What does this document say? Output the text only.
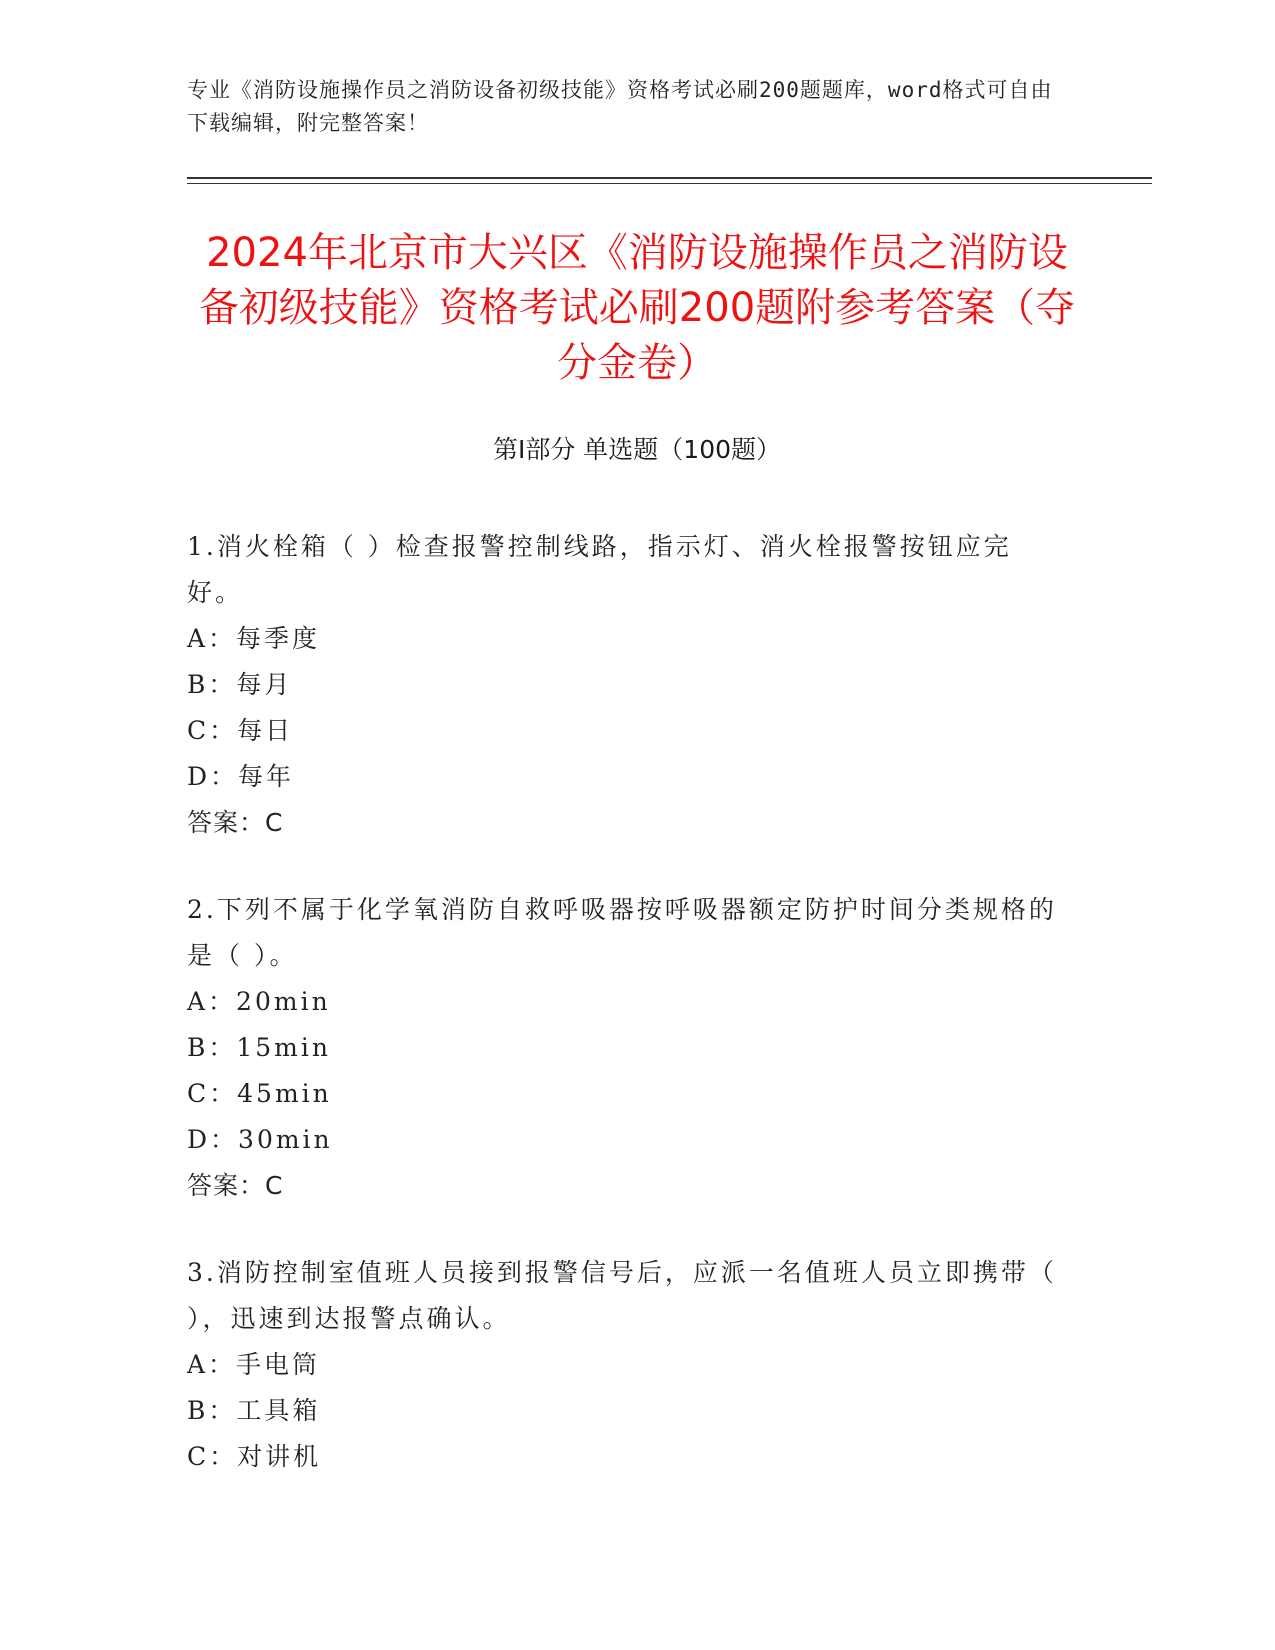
专业《消防设施操作员之消防设备初级技能》资格考试必刷200题题库，word格式可自由下载编辑，附完整答案！
2024年北京市大兴区《消防设施操作员之消防设备初级技能》资格考试必刷200题附参考答案（夺分金卷）
第Ⅰ部分 单选题（100题）
1.消火栓箱（ ）检查报警控制线路，指示灯、消火栓报警按钮应完好。
A：每季度
B：每月
C：每日
D：每年
答案：C
2.下列不属于化学氧消防自救呼吸器按呼吸器额定防护时间分类规格的是（ ）。
A：20min
B：15min
C：45min
D：30min
答案：C
3.消防控制室值班人员接到报警信号后，应派一名值班人员立即携带（ ），迅速到达报警点确认。
A：手电筒
B：工具箱
C：对讲机
